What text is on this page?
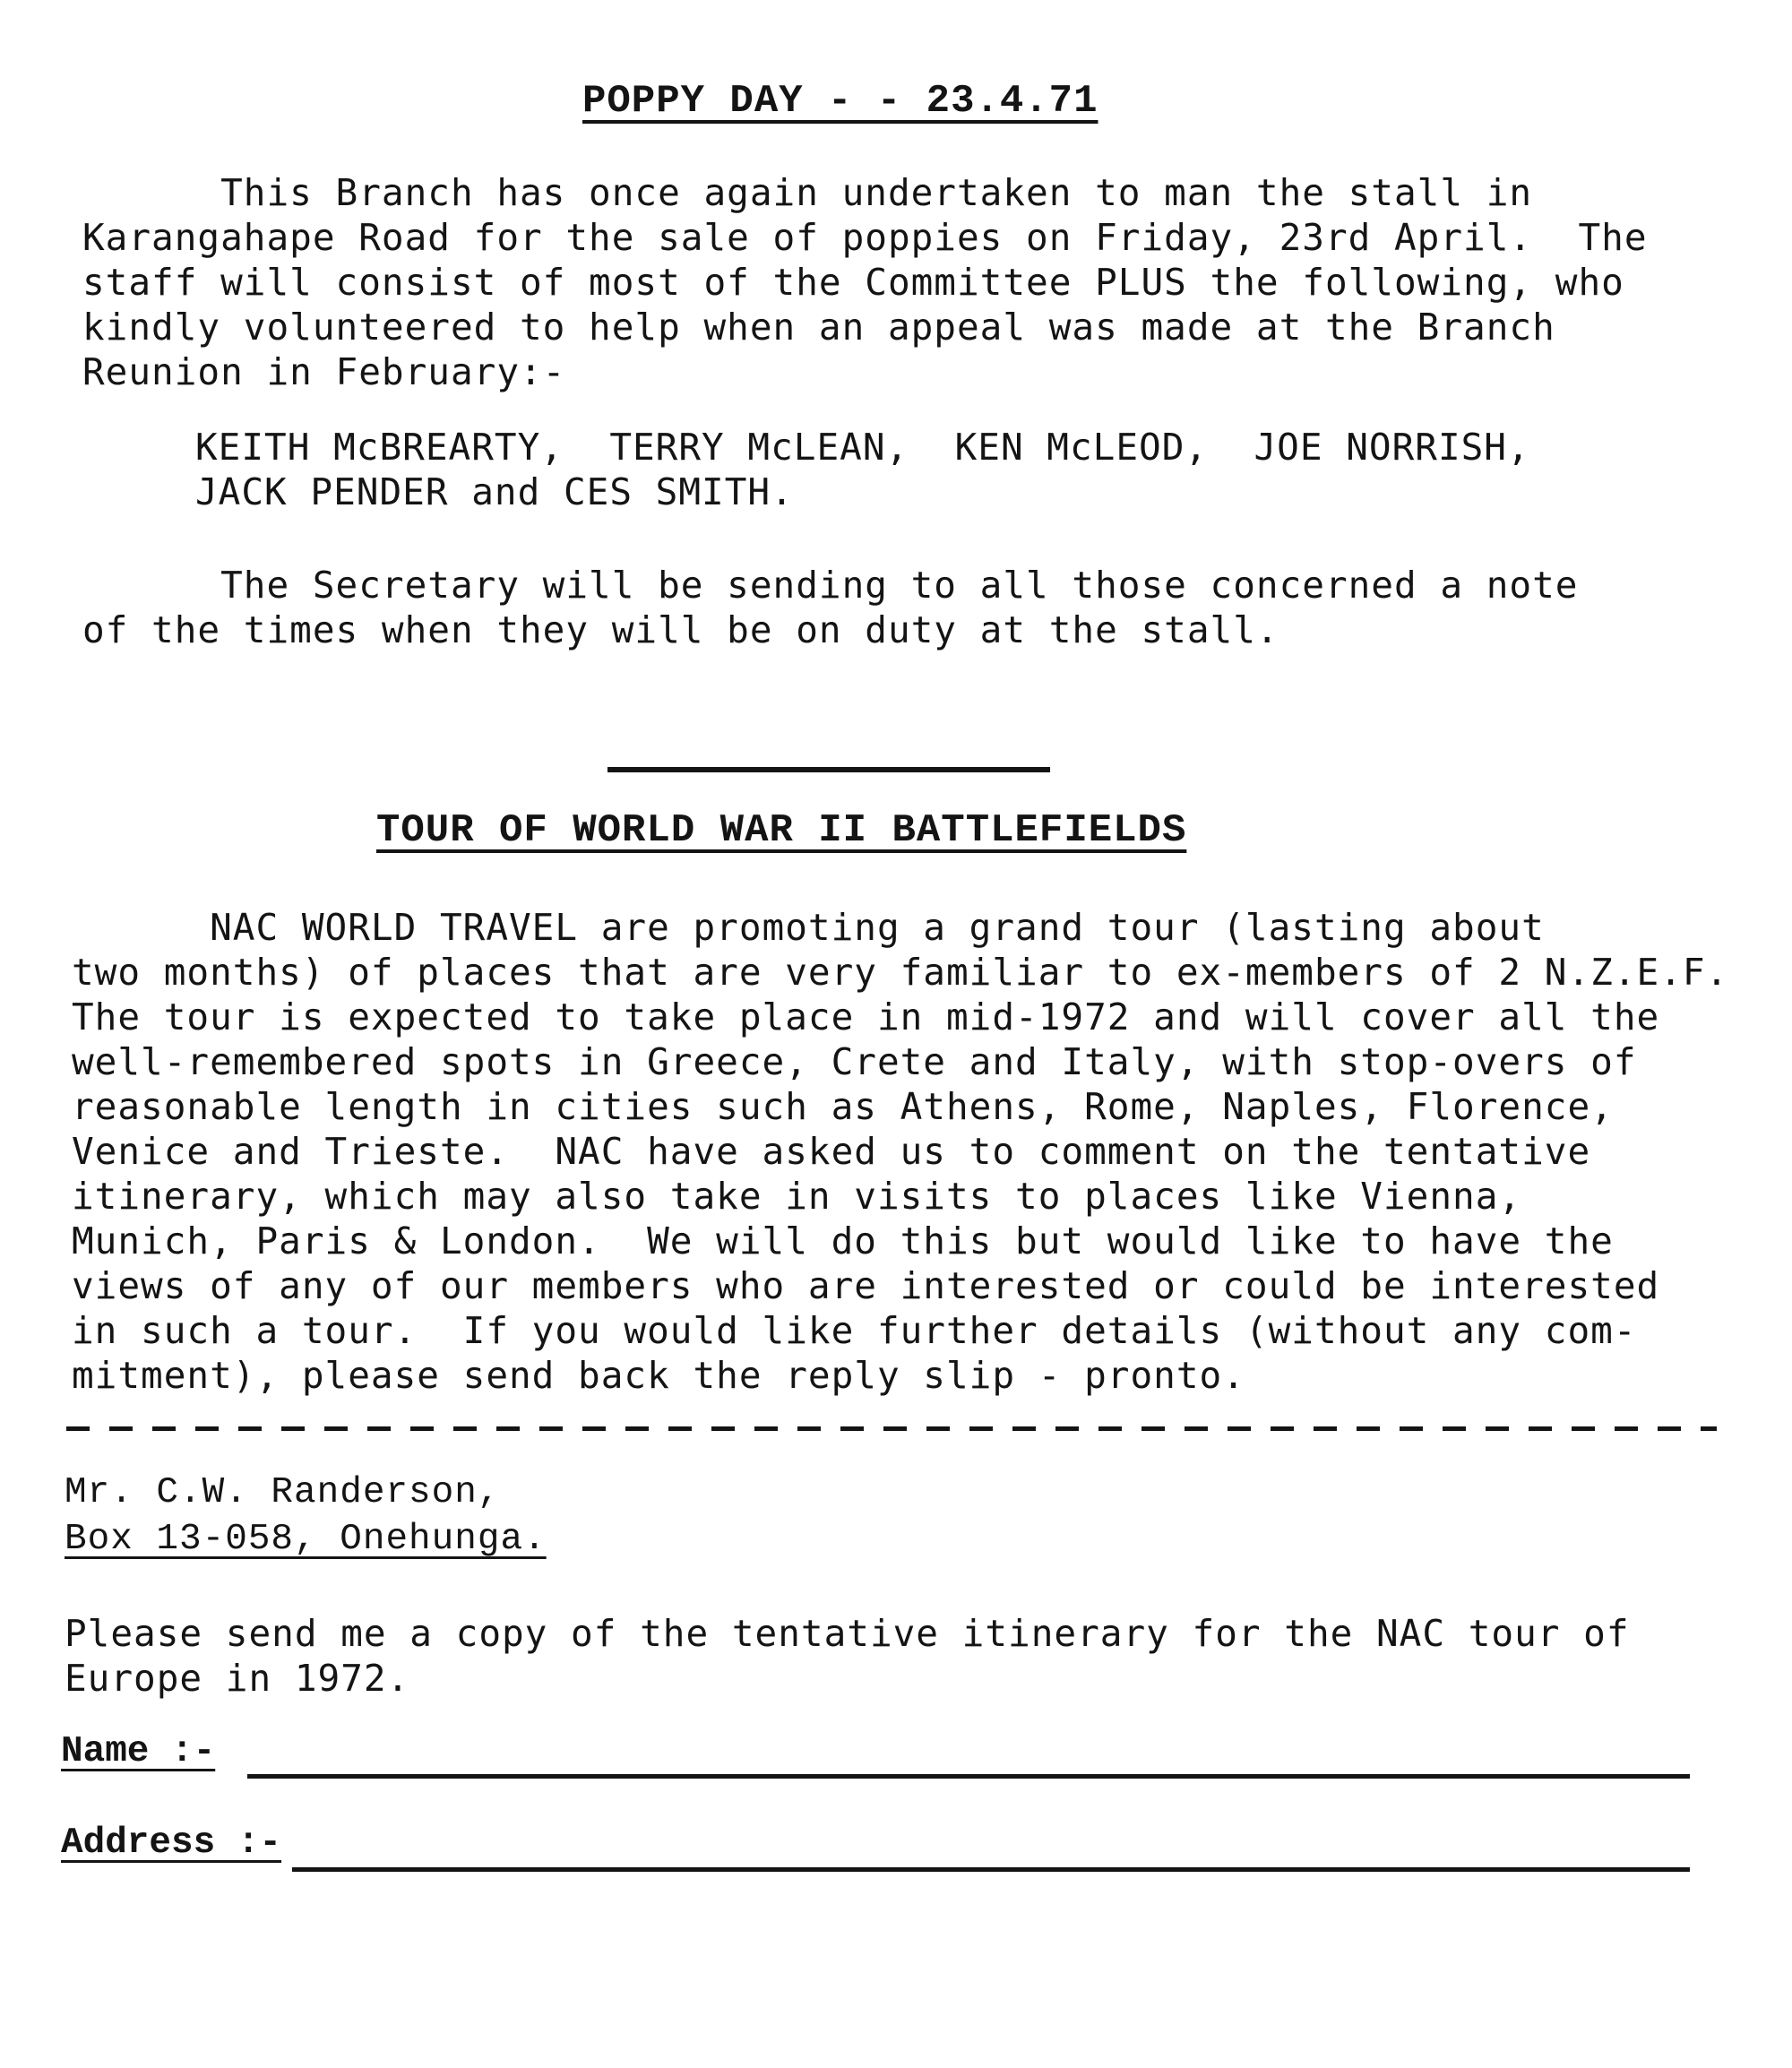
POPPY DAY - - 23.4.71
This Branch has once again undertaken to man the stall in
Karangahape Road for the sale of poppies on Friday, 23rd April.  The
staff will consist of most of the Committee PLUS the following, who
kindly volunteered to help when an appeal was made at the Branch
Reunion in February:-
KEITH McBREARTY,  TERRY McLEAN,  KEN McLEOD,  JOE NORRISH,
JACK PENDER and CES SMITH.
The Secretary will be sending to all those concerned a note
of the times when they will be on duty at the stall.
TOUR OF WORLD WAR II BATTLEFIELDS
NAC WORLD TRAVEL are promoting a grand tour (lasting about
two months) of places that are very familiar to ex-members of 2 N.Z.E.F.
The tour is expected to take place in mid-1972 and will cover all the
well-remembered spots in Greece, Crete and Italy, with stop-overs of
reasonable length in cities such as Athens, Rome, Naples, Florence,
Venice and Trieste.  NAC have asked us to comment on the tentative
itinerary, which may also take in visits to places like Vienna,
Munich, Paris & London.  We will do this but would like to have the
views of any of our members who are interested or could be interested
in such a tour.  If you would like further details (without any com-
mitment), please send back the reply slip - pronto.
Mr. C.W. Randerson,
Box 13-058, Onehunga.
Please send me a copy of the tentative itinerary for the NAC tour of
Europe in 1972.
Name :-
Address :-
